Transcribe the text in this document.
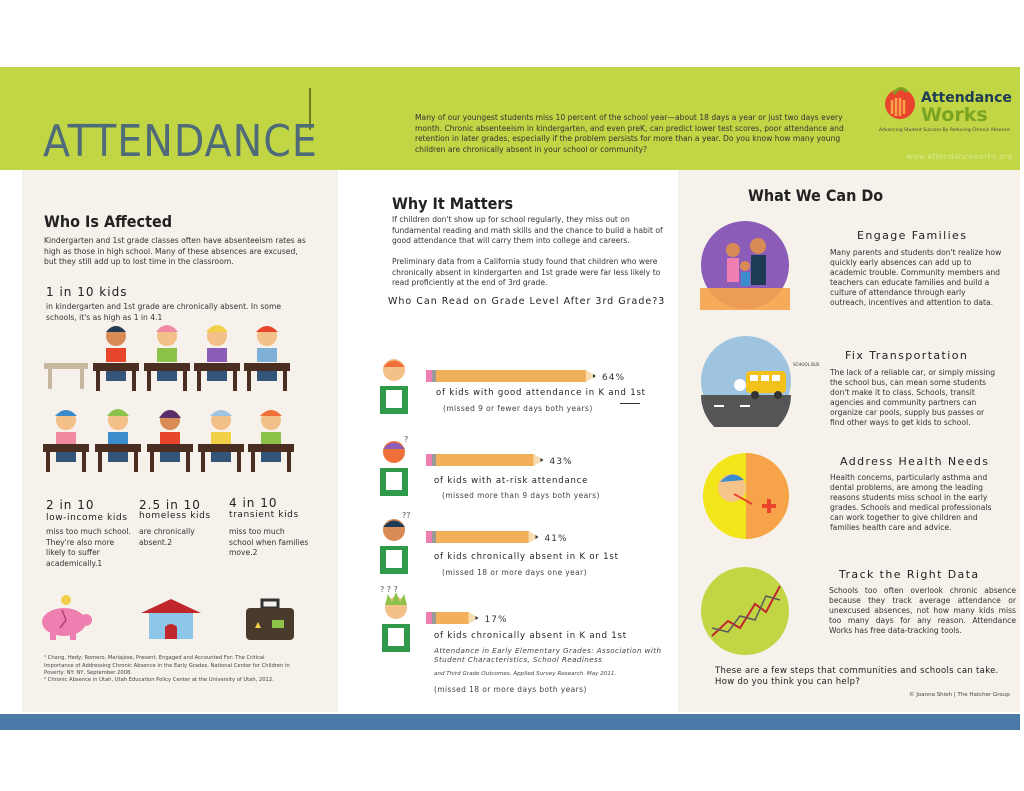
ATTENDANCE	Many of our youngest students miss 10 percent of the school year—about 18 days a year or just two days every month. Chronic absenteeism in kindergarten, and even preK, can predict lower test scores, poor attendance and retention in later grades, especially if the problem persists for more than a year. Do you know how many young children are chronically absent in your school or community?
Attendance
Works
Advancing Student Success By Reducing Chronic Absence
www.attendanceworks.org
Who Is Affected
Kindergarten and 1st grade classes often have absenteeism rates as high as those in high school. Many of these absences are excused, but they still add up to lost time in the classroom.
1 in 10 kids
in kindergarten and 1st grade are chronically absent. In some schools, it's as high as 1 in 4.1
2 in 10
low-income kids
miss too much school. They're also more likely to suffer academically.1
2.5 in 10
homeless kids
are chronically absent.2
4 in 10
transient kids
miss too much school when families move.2
¹ Chang, Hedy; Romero, Mariajose, Present, Engaged and Accounted For: The Critical Importance of Addressing Chronic Absence in the Early Grades, National Center for Children in Poverty: NY: NY, September 2008.
² Chronic Absence in Utah, Utah Education Policy Center at the University of Utah, 2012.
Why It Matters
If children don't show up for school regularly, they miss out on fundamental reading and math skills and the chance to build a habit of good attendance that will carry them into college and careers.
Preliminary data from a California study found that children who were chronically absent in kindergarten and 1st grade were far less likely to read proficiently at the end of 3rd grade.
Who Can Read on Grade Level After 3rd Grade?3
?
??
? ? ?
64%
43%
41%
17%
of kids with good attendance in K and 1st
(missed 9 or fewer days both years)
of kids with at-risk attendance
(missed more than 9 days both years)
of kids chronically absent in K or 1st
(missed 18 or more days one year)
of kids chronically absent in K and 1st
Attendance in Early Elementary Grades: Association with Student Characteristics, School Readiness
and Third Grade Outcomes, Applied Survey Research. May 2011.
(missed 18 or more days both years)
What We Can Do
Engage Families
Many parents and students don't realize how quickly early absences can add up to academic trouble. Community members and teachers can educate families and build a culture of attendance through early outreach, incentives and attention to data.
SCHOOL BUS
Fix Transportation
The lack of a reliable car, or simply missing the school bus, can mean some students don't make it to class. Schools, transit agencies and community partners can organize car pools, supply bus passes or find other ways to get kids to school.
Address Health Needs
Health concerns, particularly asthma and dental problems, are among the leading reasons students miss school in the early grades. Schools and medical professionals can work together to give children and families health care and advice.
Track the Right Data
Schools too often overlook chronic absence because they track average attendance or unexcused absences, not how many kids miss too many days for any reason. Attendance Works has free data-tracking tools.
These are a few steps that communities and schools can take. How do you think you can help?
© Joanna Shieh | The Hatcher Group
